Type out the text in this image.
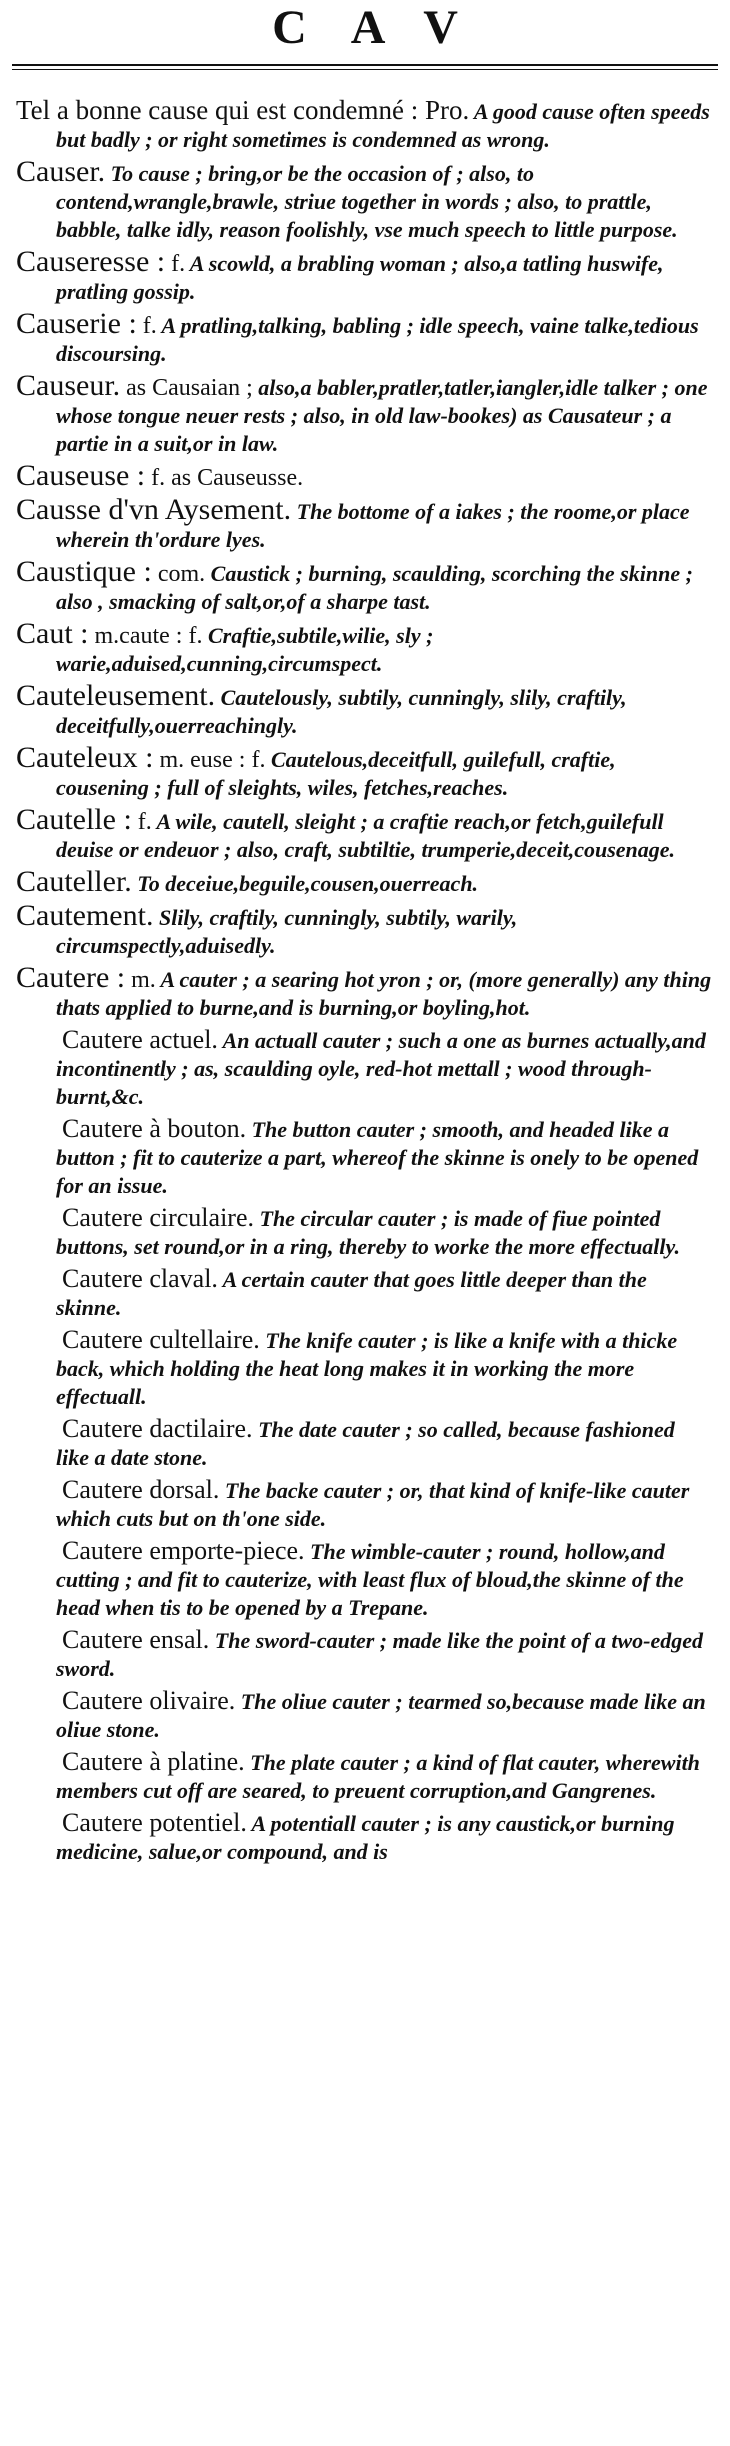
CAV
Tel a bonne cause qui est condemné : Pro. A good cause often speeds but badly ; or right sometimes is condemned as wrong.
Causer. To cause ; bring,or be the occasion of ; also, to contend,wrangle,brawle, striue together in words ; also, to prattle, babble, talke idly, reason foolishly, vse much speech to little purpose.
Causeresse : f. A scowld, a brabling woman ; also,a tatling huswife, pratling gossip.
Causerie : f. A pratling,talking, babling ; idle speech, vaine talke,tedious discoursing.
Causeur. as Causaian ; also,a babler,pratler,tatler,iangler,idle talker ; one whose tongue neuer rests ; also, in old law-bookes) as Causateur ; a partie in a suit,or in law.
Causeuse : f. as Causeusse.
Causse d'vn Aysement. The bottome of a iakes ; the roome,or place wherein th'ordure lyes.
Caustique : com. Caustick ; burning, scaulding, scorching the skinne ; also , smacking of salt,or,of a sharpe tast.
Caut : m.caute : f. Craftie,subtile,wilie, sly ; warie,aduised,cunning,circumspect.
Cauteleusement. Cautelously, subtily, cunningly, slily, craftily, deceitfully,ouerreachingly.
Cauteleux : m. euse : f. Cautelous,deceitfull, guilefull, craftie, cousening ; full of sleights, wiles, fetches,reaches.
Cautelle : f. A wile, cautell, sleight ; a craftie reach,or fetch,guilefull deuise or endeuor ; also, craft, subtiltie, trumperie,deceit,cousenage.
Cauteller. To deceiue,beguile,cousen,ouerreach.
Cautement. Slily, craftily, cunningly, subtily, warily, circumspectly,aduisedly.
Cautere : m. A cauter ; a searing hot yron ; or, (more generally) any thing thats applied to burne,and is burning,or boyling,hot.
Cautere actuel. An actuall cauter ; such a one as burnes actually,and incontinently ; as, scaulding oyle, red-hot mettall ; wood through-burnt,&c.
Cautere à bouton. The button cauter ; smooth, and headed like a button ; fit to cauterize a part, whereof the skinne is onely to be opened for an issue.
Cautere circulaire. The circular cauter ; is made of fiue pointed buttons, set round,or in a ring, thereby to worke the more effectually.
Cautere claval. A certain cauter that goes little deeper than the skinne.
Cautere cultellaire. The knife cauter ; is like a knife with a thicke back, which holding the heat long makes it in working the more effectuall.
Cautere dactilaire. The date cauter ; so called, because fashioned like a date stone.
Cautere dorsal. The backe cauter ; or, that kind of knife-like cauter which cuts but on th'one side.
Cautere emporte-piece. The wimble-cauter ; round, hollow,and cutting ; and fit to cauterize, with least flux of bloud,the skinne of the head when tis to be opened by a Trepane.
Cautere ensal. The sword-cauter ; made like the point of a two-edged sword.
Cautere olivaire. The oliue cauter ; tearmed so,because made like an oliue stone.
Cautere à platine. The plate cauter ; a kind of flat cauter, wherewith members cut off are seared, to preuent corruption,and Gangrenes.
Cautere potentiel. A potentiall cauter ; is any caustick,or burning medicine, salue,or compound, and is
